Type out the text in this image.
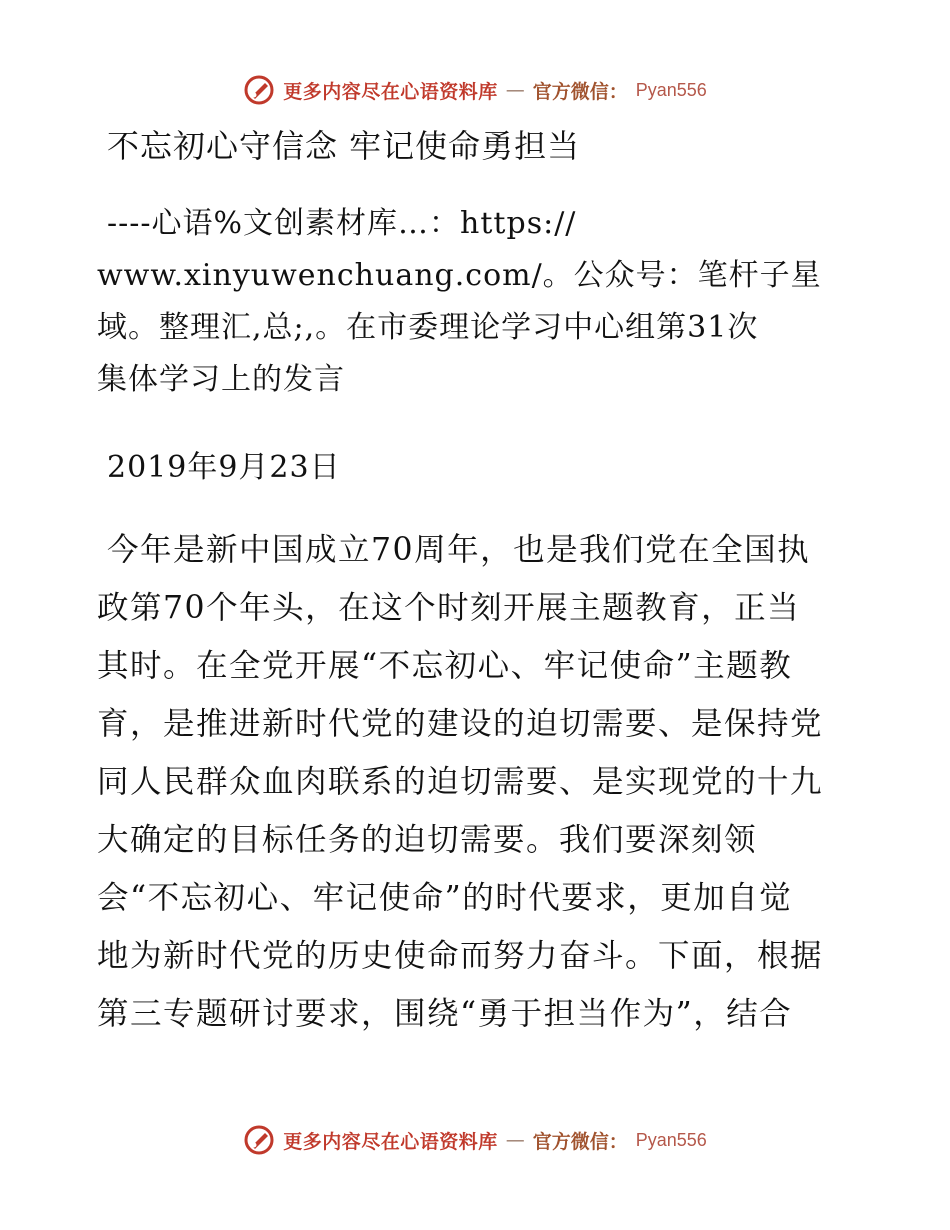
更多内容尽在心语资料库 — 官方微信： Pyan556
不忘初心守信念 牢记使命勇担当
----心语%文创素材库…：https://
www.xinyuwenchuang.com/。公众号：笔杆子星
域。整理汇,总;,。在市委理论学习中心组第31次
集体学习上的发言
2019年9月23日
今年是新中国成立70周年，也是我们党在全国执
政第70个年头，在这个时刻开展主题教育，正当
其时。在全党开展“不忘初心、牢记使命”主题教
育，是推进新时代党的建设的迫切需要、是保持党
同人民群众血肉联系的迫切需要、是实现党的十九
大确定的目标任务的迫切需要。我们要深刻领
会“不忘初心、牢记使命”的时代要求，更加自觉
地为新时代党的历史使命而努力奋斗。下面，根据
第三专题研讨要求，围绕“勇于担当作为”，结合
更多内容尽在心语资料库 — 官方微信： Pyan556
